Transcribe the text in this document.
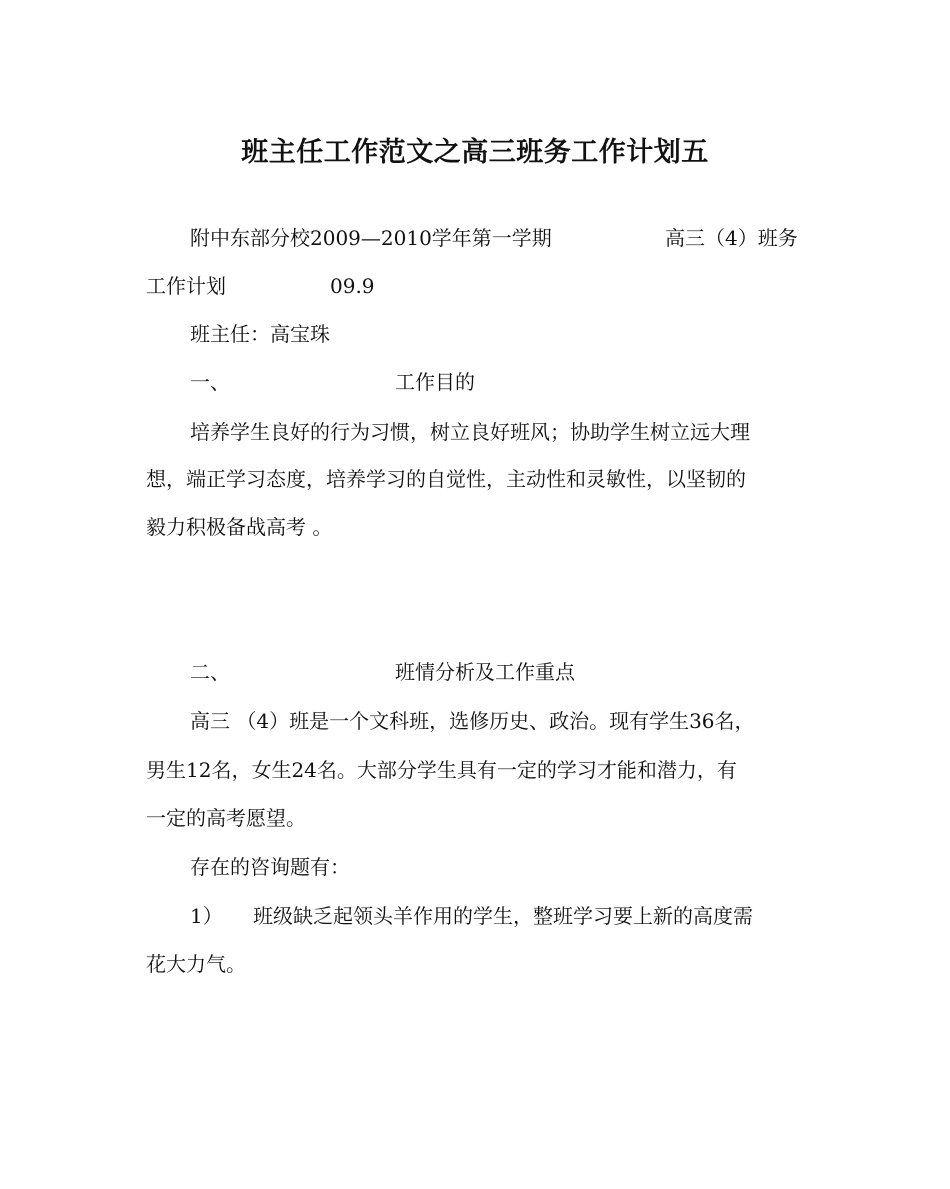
班主任工作范文之高三班务工作计划五
附中东部分校2009—2010学年第一学期	高三（4）班务
工作计划	09.9
班主任：高宝珠
一、	工作目的
培养学生良好的行为习惯，树立良好班风；协助学生树立远大理
想，端正学习态度，培养学习的自觉性，主动性和灵敏性，以坚韧的
毅力积极备战高考 。
二、	班情分析及工作重点
高三 （4）班是一个文科班，选修历史、政治。现有学生36名，
男生12名，女生24名。大部分学生具有一定的学习才能和潜力，有
一定的高考愿望。
存在的咨询题有：
1） 班级缺乏起领头羊作用的学生，整班学习要上新的高度需
花大力气。
